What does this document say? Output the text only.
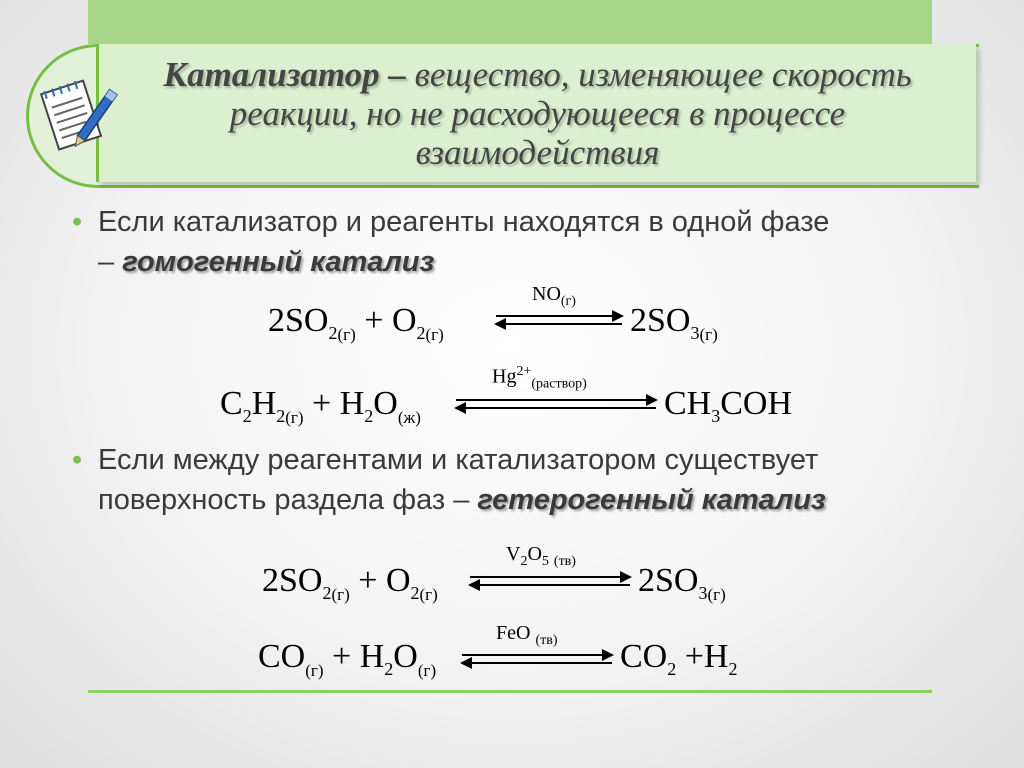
Катализатор – вещество, изменяющее скорость
реакции, но не расходующееся в процессе
взаимодействия

• Если катализатор и реагенты находятся в одной фазе
– гомогенный катализ
$NO_{(г)}$
$2SO_{2(г)} + O_{2(г)}$	$2SO_{3(г)}$
$Hg^{2+}_{(раствор)}$
$C_2H_{2(г)} + H_2O_{(ж)}$	$CH_3COH$
• Если между реагентами и катализатором существует
поверхность раздела фаз – гетерогенный катализ
$V_2O_5$ $_{(тв)}$
$2SO_{2(г)} + O_{2(г)}$	$2SO_{3(г)}$
FeO $_{(тв)}$
$CO_{(г)} + H_2O_{(г)}$	$CO_2 +H_2$
